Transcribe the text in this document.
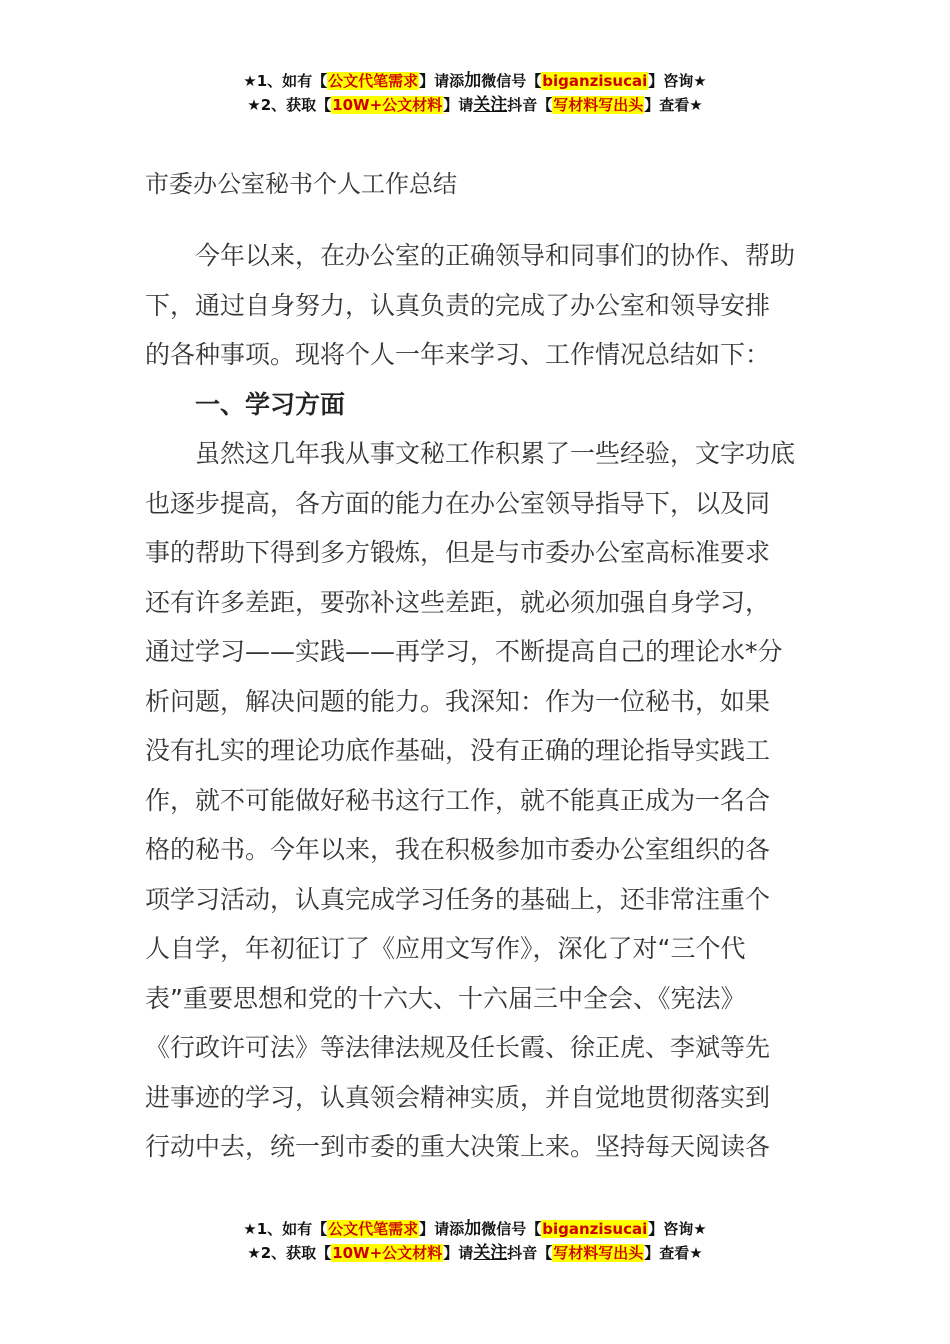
★1、如有【公文代笔需求】请添加微信号【biganzisucai】咨询★
★2、获取【10W+公文材料】请关注抖音【写材料写出头】查看★
市委办公室秘书个人工作总结

今年以来，在办公室的正确领导和同事们的协作、帮助
下，通过自身努力，认真负责的完成了办公室和领导安排
的各种事项。现将个人一年来学习、工作情况总结如下：

一、学习方面

虽然这几年我从事文秘工作积累了一些经验，文字功底
也逐步提高，各方面的能力在办公室领导指导下，以及同
事的帮助下得到多方锻炼，但是与市委办公室高标准要求
还有许多差距，要弥补这些差距，就必须加强自身学习，
通过学习——实践——再学习，不断提高自己的理论水*分
析问题，解决问题的能力。我深知：作为一位秘书，如果
没有扎实的理论功底作基础，没有正确的理论指导实践工
作，就不可能做好秘书这行工作，就不能真正成为一名合
格的秘书。今年以来，我在积极参加市委办公室组织的各
项学习活动，认真完成学习任务的基础上，还非常注重个
人自学，年初征订了《应用文写作》，深化了对“三个代
表”重要思想和党的十六大、十六届三中全会、《宪法》
《行政许可法》等法律法规及任长霞、徐正虎、李斌等先
进事迹的学习，认真领会精神实质，并自觉地贯彻落实到
行动中去，统一到市委的重大决策上来。坚持每天阅读各

★1、如有【公文代笔需求】请添加微信号【biganzisucai】咨询★
★2、获取【10W+公文材料】请关注抖音【写材料写出头】查看★
